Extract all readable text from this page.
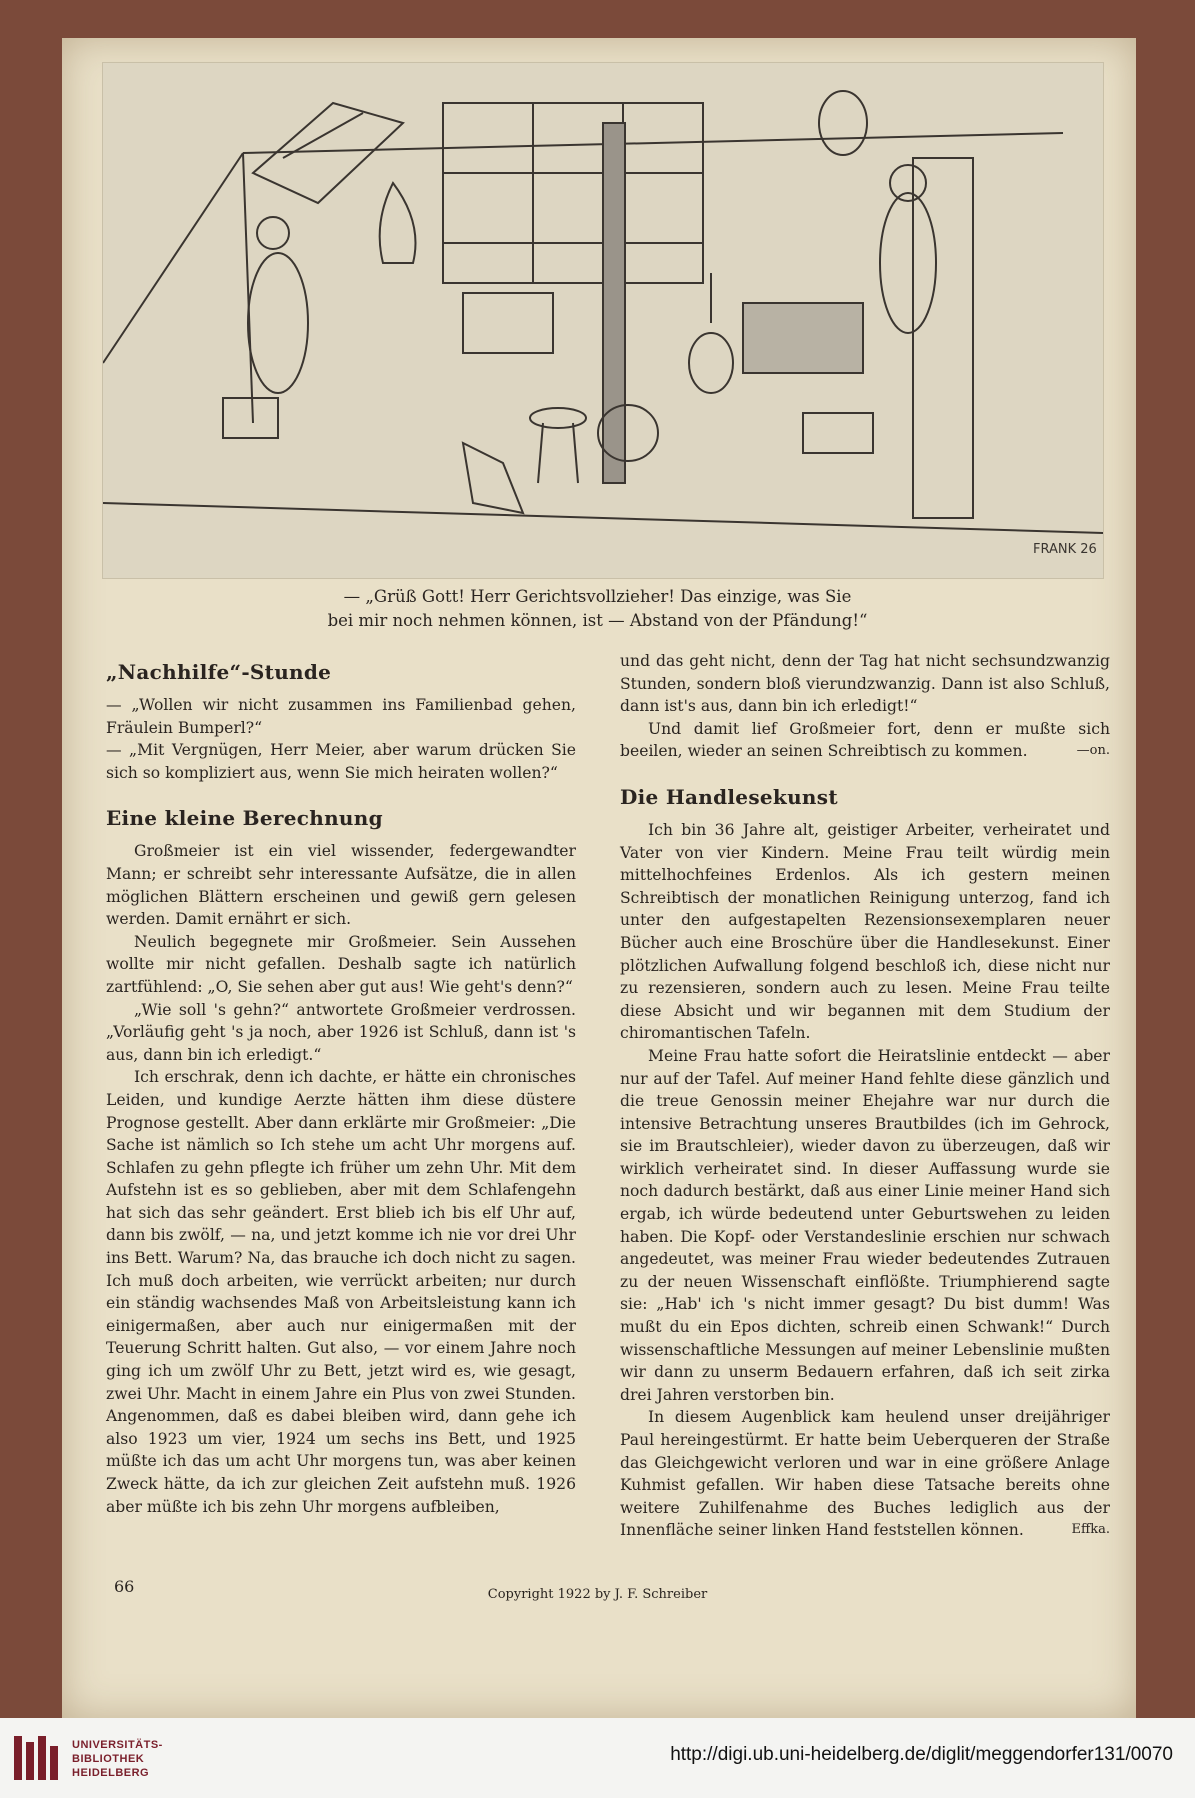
FRANK 26
— „Grüß Gott! Herr Gerichtsvollzieher! Das einzige, was Sie
bei mir noch nehmen können, ist — Abstand von der Pfändung!“
„Nachhilfe“-Stunde

— „Wollen wir nicht zusammen ins Familienbad gehen, Fräulein Bumperl?“

— „Mit Vergnügen, Herr Meier, aber warum drücken Sie sich so kompliziert aus, wenn Sie mich heiraten wollen?“

Eine kleine Berechnung

Großmeier ist ein viel wissender, federgewandter Mann; er schreibt sehr interessante Aufsätze, die in allen möglichen Blättern erscheinen und gewiß gern gelesen werden. Damit ernährt er sich.

Neulich begegnete mir Großmeier. Sein Aussehen wollte mir nicht gefallen. Deshalb sagte ich natürlich zartfühlend: „O, Sie sehen aber gut aus! Wie geht's denn?“

„Wie soll 's gehn?“ antwortete Großmeier verdrossen. „Vorläufig geht 's ja noch, aber 1926 ist Schluß, dann ist 's aus, dann bin ich erledigt.“

Ich erschrak, denn ich dachte, er hätte ein chronisches Leiden, und kundige Aerzte hätten ihm diese düstere Prognose gestellt. Aber dann erklärte mir Großmeier: „Die Sache ist nämlich so Ich stehe um acht Uhr morgens auf. Schlafen zu gehn pflegte ich früher um zehn Uhr. Mit dem Aufstehn ist es so geblieben, aber mit dem Schlafengehn hat sich das sehr geändert. Erst blieb ich bis elf Uhr auf, dann bis zwölf, — na, und jetzt komme ich nie vor drei Uhr ins Bett. Warum? Na, das brauche ich doch nicht zu sagen. Ich muß doch arbeiten, wie verrückt arbeiten; nur durch ein ständig wachsendes Maß von Arbeitsleistung kann ich einigermaßen, aber auch nur einigermaßen mit der Teuerung Schritt halten. Gut also, — vor einem Jahre noch ging ich um zwölf Uhr zu Bett, jetzt wird es, wie gesagt, zwei Uhr. Macht in einem Jahre ein Plus von zwei Stunden. Angenommen, daß es dabei bleiben wird, dann gehe ich also 1923 um vier, 1924 um sechs ins Bett, und 1925 müßte ich das um acht Uhr morgens tun, was aber keinen Zweck hätte, da ich zur gleichen Zeit aufstehn muß. 1926 aber müßte ich bis zehn Uhr morgens aufbleiben,

und das geht nicht, denn der Tag hat nicht sechsundzwanzig Stunden, sondern bloß vierundzwanzig. Dann ist also Schluß, dann ist's aus, dann bin ich erledigt!“

Und damit lief Großmeier fort, denn er mußte sich beeilen, wieder an seinen Schreibtisch zu kommen.	—on.

Die Handlesekunst

Ich bin 36 Jahre alt, geistiger Arbeiter, verheiratet und Vater von vier Kindern. Meine Frau teilt würdig mein mittelhochfeines Erdenlos. Als ich gestern meinen Schreibtisch der monatlichen Reinigung unterzog, fand ich unter den aufgestapelten Rezensionsexemplaren neuer Bücher auch eine Broschüre über die Handlesekunst. Einer plötzlichen Aufwallung folgend beschloß ich, diese nicht nur zu rezensieren, sondern auch zu lesen. Meine Frau teilte diese Absicht und wir begannen mit dem Studium der chiromantischen Tafeln.

Meine Frau hatte sofort die Heiratslinie entdeckt — aber nur auf der Tafel. Auf meiner Hand fehlte diese gänzlich und die treue Genossin meiner Ehejahre war nur durch die intensive Betrachtung unseres Brautbildes (ich im Gehrock, sie im Brautschleier), wieder davon zu überzeugen, daß wir wirklich verheiratet sind. In dieser Auffassung wurde sie noch dadurch bestärkt, daß aus einer Linie meiner Hand sich ergab, ich würde bedeutend unter Geburtswehen zu leiden haben. Die Kopf- oder Verstandeslinie erschien nur schwach angedeutet, was meiner Frau wieder bedeutendes Zutrauen zu der neuen Wissenschaft einflößte. Triumphierend sagte sie: „Hab' ich 's nicht immer gesagt? Du bist dumm! Was mußt du ein Epos dichten, schreib einen Schwank!“ Durch wissenschaftliche Messungen auf meiner Lebenslinie mußten wir dann zu unserm Bedauern erfahren, daß ich seit zirka drei Jahren verstorben bin.

In diesem Augenblick kam heulend unser dreijähriger Paul hereingestürmt. Er hatte beim Ueberqueren der Straße das Gleichgewicht verloren und war in eine größere Anlage Kuhmist gefallen. Wir haben diese Tatsache bereits ohne weitere Zuhilfenahme des Buches lediglich aus der Innenfläche seiner linken Hand feststellen können.	Effka.

66	Copyright 1922 by J. F. Schreiber
UNIVERSITÄTS-
BIBLIOTHEK
HEIDELBERG
http://digi.ub.uni-heidelberg.de/diglit/meggendorfer131/0070
